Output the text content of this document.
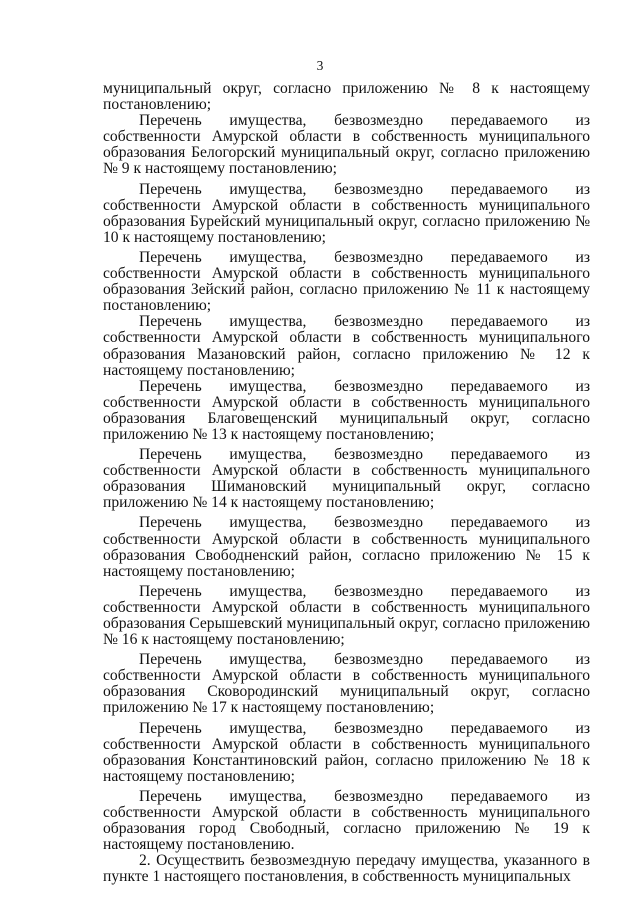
3

муниципальный округ, согласно приложению № 8 к настоящему постановлению;

Перечень имущества, безвозмездно передаваемого из собственности Амурской области в собственность муниципального образования Белогорский муниципальный округ, согласно приложению № 9 к настоящему постановлению;

Перечень имущества, безвозмездно передаваемого из собственности Амурской области в собственность муниципального образования Бурейский муниципальный округ, согласно приложению № 10 к настоящему постановлению;

Перечень имущества, безвозмездно передаваемого из собственности Амурской области в собственность муниципального образования Зейский район, согласно приложению № 11 к настоящему постановлению;

Перечень имущества, безвозмездно передаваемого из собственности Амурской области в собственность муниципального образования Мазановский район, согласно приложению № 12 к настоящему постановлению;

Перечень имущества, безвозмездно передаваемого из собственности Амурской области в собственность муниципального образования Благовещенский муниципальный округ, согласно приложению № 13 к настоящему постановлению;

Перечень имущества, безвозмездно передаваемого из собственности Амурской области в собственность муниципального образования Шимановский муниципальный округ, согласно приложению № 14 к настоящему постановлению;

Перечень имущества, безвозмездно передаваемого из собственности Амурской области в собственность муниципального образования Свободненский район, согласно приложению № 15 к настоящему постановлению;

Перечень имущества, безвозмездно передаваемого из собственности Амурской области в собственность муниципального образования Серышевский муниципальный округ, согласно приложению № 16 к настоящему постановлению;

Перечень имущества, безвозмездно передаваемого из собственности Амурской области в собственность муниципального образования Сковородинский муниципальный округ, согласно приложению № 17 к настоящему постановлению;

Перечень имущества, безвозмездно передаваемого из собственности Амурской области в собственность муниципального образования Константиновский район, согласно приложению № 18 к настоящему постановлению;

Перечень имущества, безвозмездно передаваемого из собственности Амурской области в собственность муниципального образования город Свободный, согласно приложению № 19 к настоящему постановлению.

2. Осуществить безвозмездную передачу имущества, указанного в пункте 1 настоящего постановления, в собственность муниципальных
